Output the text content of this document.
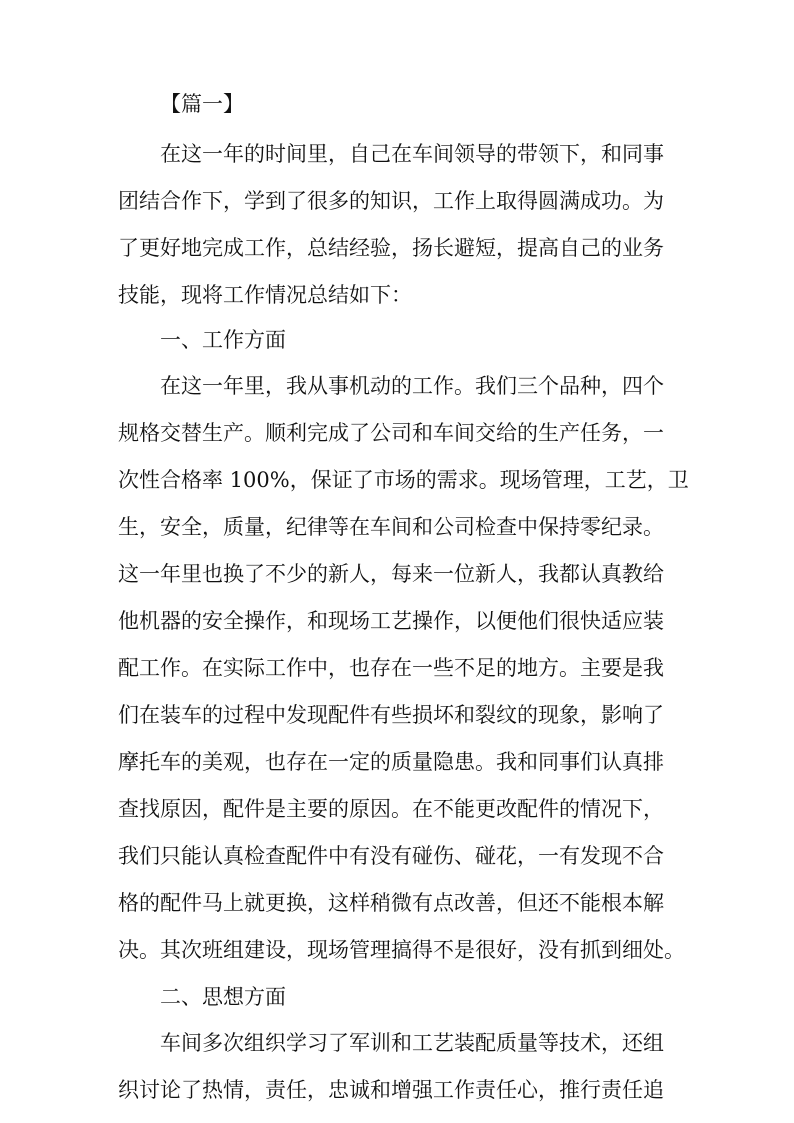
【篇一】
在这一年的时间里，自己在车间领导的带领下，和同事
团结合作下，学到了很多的知识，工作上取得圆满成功。为
了更好地完成工作，总结经验，扬长避短，提高自己的业务
技能，现将工作情况总结如下：
一、工作方面
在这一年里，我从事机动的工作。我们三个品种，四个
规格交替生产。顺利完成了公司和车间交给的生产任务，一
次性合格率 100%，保证了市场的需求。现场管理，工艺，卫
生，安全，质量，纪律等在车间和公司检查中保持零纪录。
这一年里也换了不少的新人，每来一位新人，我都认真教给
他机器的安全操作，和现场工艺操作，以便他们很快适应装
配工作。在实际工作中，也存在一些不足的地方。主要是我
们在装车的过程中发现配件有些损坏和裂纹的现象，影响了
摩托车的美观，也存在一定的质量隐患。我和同事们认真排
查找原因，配件是主要的原因。在不能更改配件的情况下，
我们只能认真检查配件中有没有碰伤、碰花，一有发现不合
格的配件马上就更换，这样稍微有点改善，但还不能根本解
决。其次班组建设，现场管理搞得不是很好，没有抓到细处。
二、思想方面
车间多次组织学习了军训和工艺装配质量等技术，还组
织讨论了热情，责任，忠诚和增强工作责任心，推行责任追
